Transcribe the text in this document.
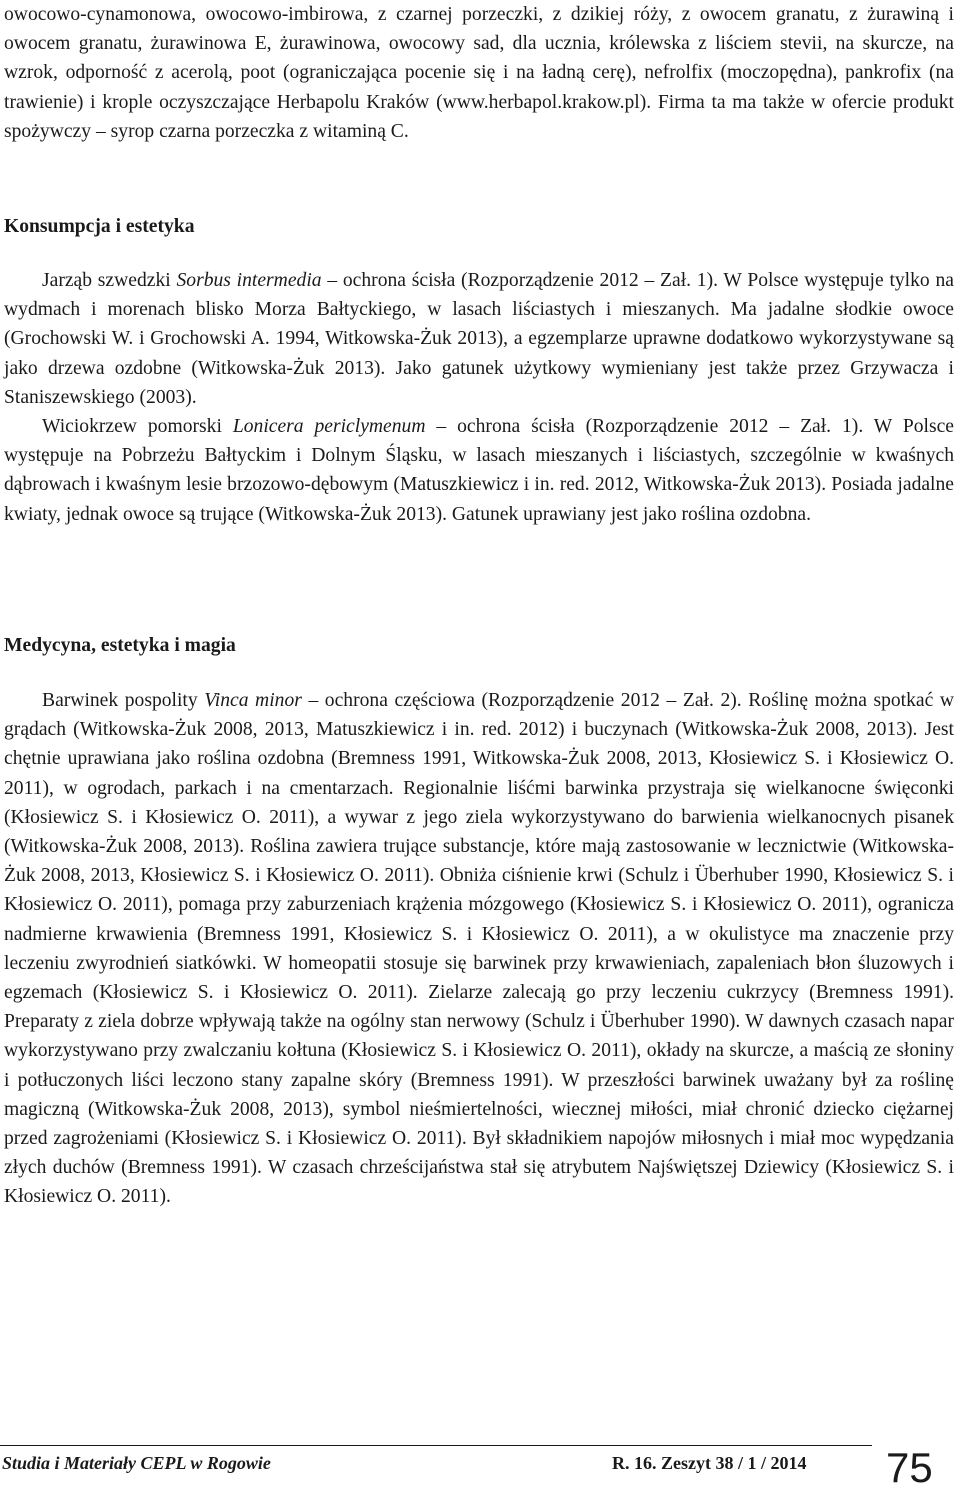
owocowo-cynamonowa, owocowo-imbirowa, z czarnej porzeczki, z dzikiej róży, z owocem granatu, z żurawiną i owocem granatu, żurawinowa E, żurawinowa, owocowy sad, dla ucznia, królewska z liściem stevii, na skurcze, na wzrok, odporność z acerolą, poot (ograniczająca pocenie się i na ładną cerę), nefrolfix (moczopędna), pankrofix (na trawienie) i krople oczyszczające Herbapolu Kraków (www.herbapol.krakow.pl). Firma ta ma także w ofercie produkt spożywczy – syrop czarna porzeczka z witaminą C.

Konsumpcja i estetyka

Jarząb szwedzki Sorbus intermedia – ochrona ścisła (Rozporządzenie 2012 – Zał. 1). W Polsce występuje tylko na wydmach i morenach blisko Morza Bałtyckiego, w lasach liściastych i mieszanych. Ma jadalne słodkie owoce (Grochowski W. i Grochowski A. 1994, Witkowska-Żuk 2013), a egzemplarze uprawne dodatkowo wykorzystywane są jako drzewa ozdobne (Witkowska-Żuk 2013). Jako gatunek użytkowy wymieniany jest także przez Grzywacza i Staniszewskiego (2003).

Wiciokrzew pomorski Lonicera periclymenum – ochrona ścisła (Rozporządzenie 2012 – Zał. 1). W Polsce występuje na Pobrzeżu Bałtyckim i Dolnym Śląsku, w lasach mieszanych i liściastych, szczególnie w kwaśnych dąbrowach i kwaśnym lesie brzozowo-dębowym (Matuszkiewicz i in. red. 2012, Witkowska-Żuk 2013). Posiada jadalne kwiaty, jednak owoce są trujące (Witkowska-Żuk 2013). Gatunek uprawiany jest jako roślina ozdobna.

Medycyna, estetyka i magia

Barwinek pospolity Vinca minor – ochrona częściowa (Rozporządzenie 2012 – Zał. 2). Roślinę można spotkać w grądach (Witkowska-Żuk 2008, 2013, Matuszkiewicz i in. red. 2012) i buczynach (Witkowska-Żuk 2008, 2013). Jest chętnie uprawiana jako roślina ozdobna (Bremness 1991, Witkowska-Żuk 2008, 2013, Kłosiewicz S. i Kłosiewicz O. 2011), w ogrodach, parkach i na cmentarzach. Regionalnie liśćmi barwinka przystraja się wielkanocne święconki (Kłosiewicz S. i Kłosiewicz O. 2011), a wywar z jego ziela wykorzystywano do barwienia wielkanocnych pisanek (Witkowska-Żuk 2008, 2013). Roślina zawiera trujące substancje, które mają zastosowanie w lecznictwie (Witkowska-Żuk 2008, 2013, Kłosiewicz S. i Kłosiewicz O. 2011). Obniża ciśnienie krwi (Schulz i Überhuber 1990, Kłosiewicz S. i Kłosiewicz O. 2011), pomaga przy zaburzeniach krążenia mózgowego (Kłosiewicz S. i Kłosiewicz O. 2011), ogranicza nadmierne krwawienia (Bremness 1991, Kłosiewicz S. i Kłosiewicz O. 2011), a w okulistyce ma znaczenie przy leczeniu zwyrodnień siatkówki. W homeopatii stosuje się barwinek przy krwawieniach, zapaleniach błon śluzowych i egzemach (Kłosiewicz S. i Kłosiewicz O. 2011). Zielarze zalecają go przy leczeniu cukrzycy (Bremness 1991). Preparaty z ziela dobrze wpływają także na ogólny stan nerwowy (Schulz i Überhuber 1990). W dawnych czasach napar wykorzystywano przy zwalczaniu kołtuna (Kłosiewicz S. i Kłosiewicz O. 2011), okłady na skurcze, a maścią ze słoniny i potłuczonych liści leczono stany zapalne skóry (Bremness 1991). W przeszłości barwinek uważany był za roślinę magiczną (Witkowska-Żuk 2008, 2013), symbol nieśmiertelności, wiecznej miłości, miał chronić dziecko ciężarnej przed zagrożeniami (Kłosiewicz S. i Kłosiewicz O. 2011). Był składnikiem napojów miłosnych i miał moc wypędzania złych duchów (Bremness 1991). W czasach chrześcijaństwa stał się atrybutem Najświętszej Dziewicy (Kłosiewicz S. i Kłosiewicz O. 2011).

Studia i Materiały CEPL w Rogowie	R. 16. Zeszyt 38 / 1 / 2014 75
